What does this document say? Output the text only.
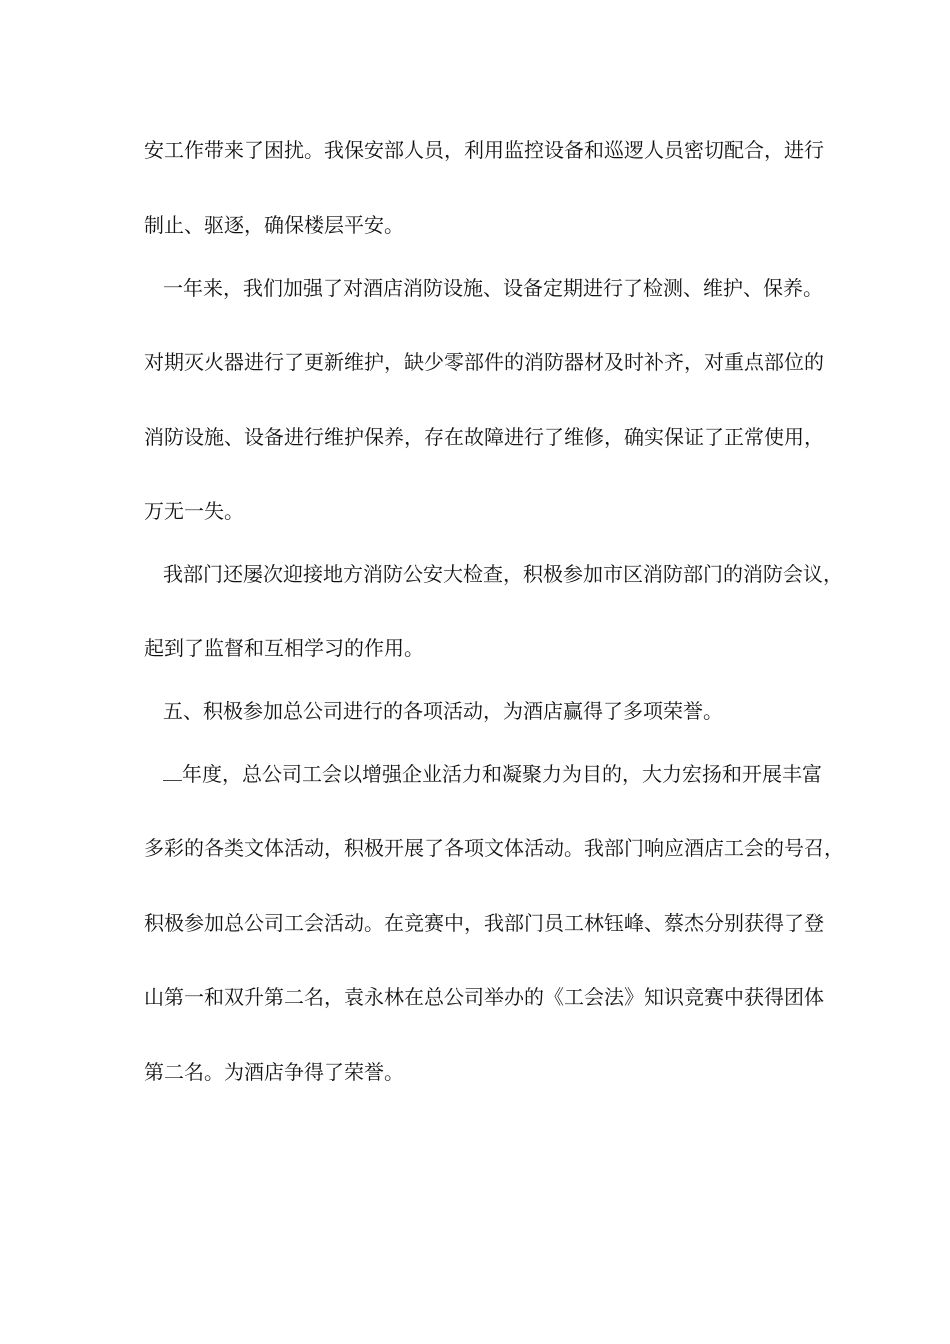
安工作带来了困扰。我保安部人员，利用监控设备和巡逻人员密切配合，进行
制止、驱逐，确保楼层平安。
一年来，我们加强了对酒店消防设施、设备定期进行了检测、维护、保养。
对期灭火器进行了更新维护，缺少零部件的消防器材及时补齐，对重点部位的
消防设施、设备进行维护保养，存在故障进行了维修，确实保证了正常使用，
万无一失。
我部门还屡次迎接地方消防公安大检查，积极参加市区消防部门的消防会议，
起到了监督和互相学习的作用。
五、积极参加总公司进行的各项活动，为酒店赢得了多项荣誉。
年度，总公司工会以增强企业活力和凝聚力为目的，大力宏扬和开展丰富
多彩的各类文体活动，积极开展了各项文体活动。我部门响应酒店工会的号召，
积极参加总公司工会活动。在竞赛中，我部门员工林钰峰、蔡杰分别获得了登
山第一和双升第二名，袁永林在总公司举办的《工会法》知识竞赛中获得团体
第二名。为酒店争得了荣誉。
